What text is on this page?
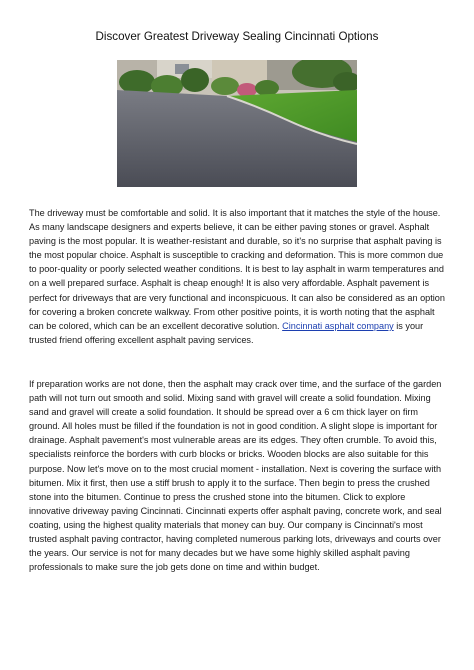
Discover Greatest Driveway Sealing Cincinnati Options

The driveway must be comfortable and solid. It is also important that it matches the style of the house. As many landscape designers and experts believe, it can be either paving stones or gravel. Asphalt paving is the most popular. It is weather-resistant and durable, so it's no surprise that asphalt paving is the most popular choice. Asphalt is susceptible to cracking and deformation. This is more common due to poor-quality or poorly selected weather conditions. It is best to lay asphalt in warm temperatures and on a well prepared surface. Asphalt is cheap enough! It is also very affordable. Asphalt pavement is perfect for driveways that are very functional and inconspicuous. It can also be considered as an option for covering a broken concrete walkway. From other positive points, it is worth noting that the asphalt can be colored, which can be an excellent decorative solution. Cincinnati asphalt company is your trusted friend offering excellent asphalt paving services.

If preparation works are not done, then the asphalt may crack over time, and the surface of the garden path will not turn out smooth and solid. Mixing sand with gravel will create a solid foundation. Mixing sand and gravel will create a solid foundation. It should be spread over a 6 cm thick layer on firm ground. All holes must be filled if the foundation is not in good condition. A slight slope is important for drainage. Asphalt pavement's most vulnerable areas are its edges. They often crumble. To avoid this, specialists reinforce the borders with curb blocks or bricks. Wooden blocks are also suitable for this purpose. Now let's move on to the most crucial moment - installation. Next is covering the surface with bitumen. Mix it first, then use a stiff brush to apply it to the surface. Then begin to press the crushed stone into the bitumen. Continue to press the crushed stone into the bitumen. Click to explore innovative driveway paving Cincinnati. Cincinnati experts offer asphalt paving, concrete work, and seal coating, using the highest quality materials that money can buy. Our company is Cincinnati's most trusted asphalt paving contractor, having completed numerous parking lots, driveways and courts over the years. Our service is not for many decades but we have some highly skilled asphalt paving professionals to make sure the job gets done on time and within budget.
